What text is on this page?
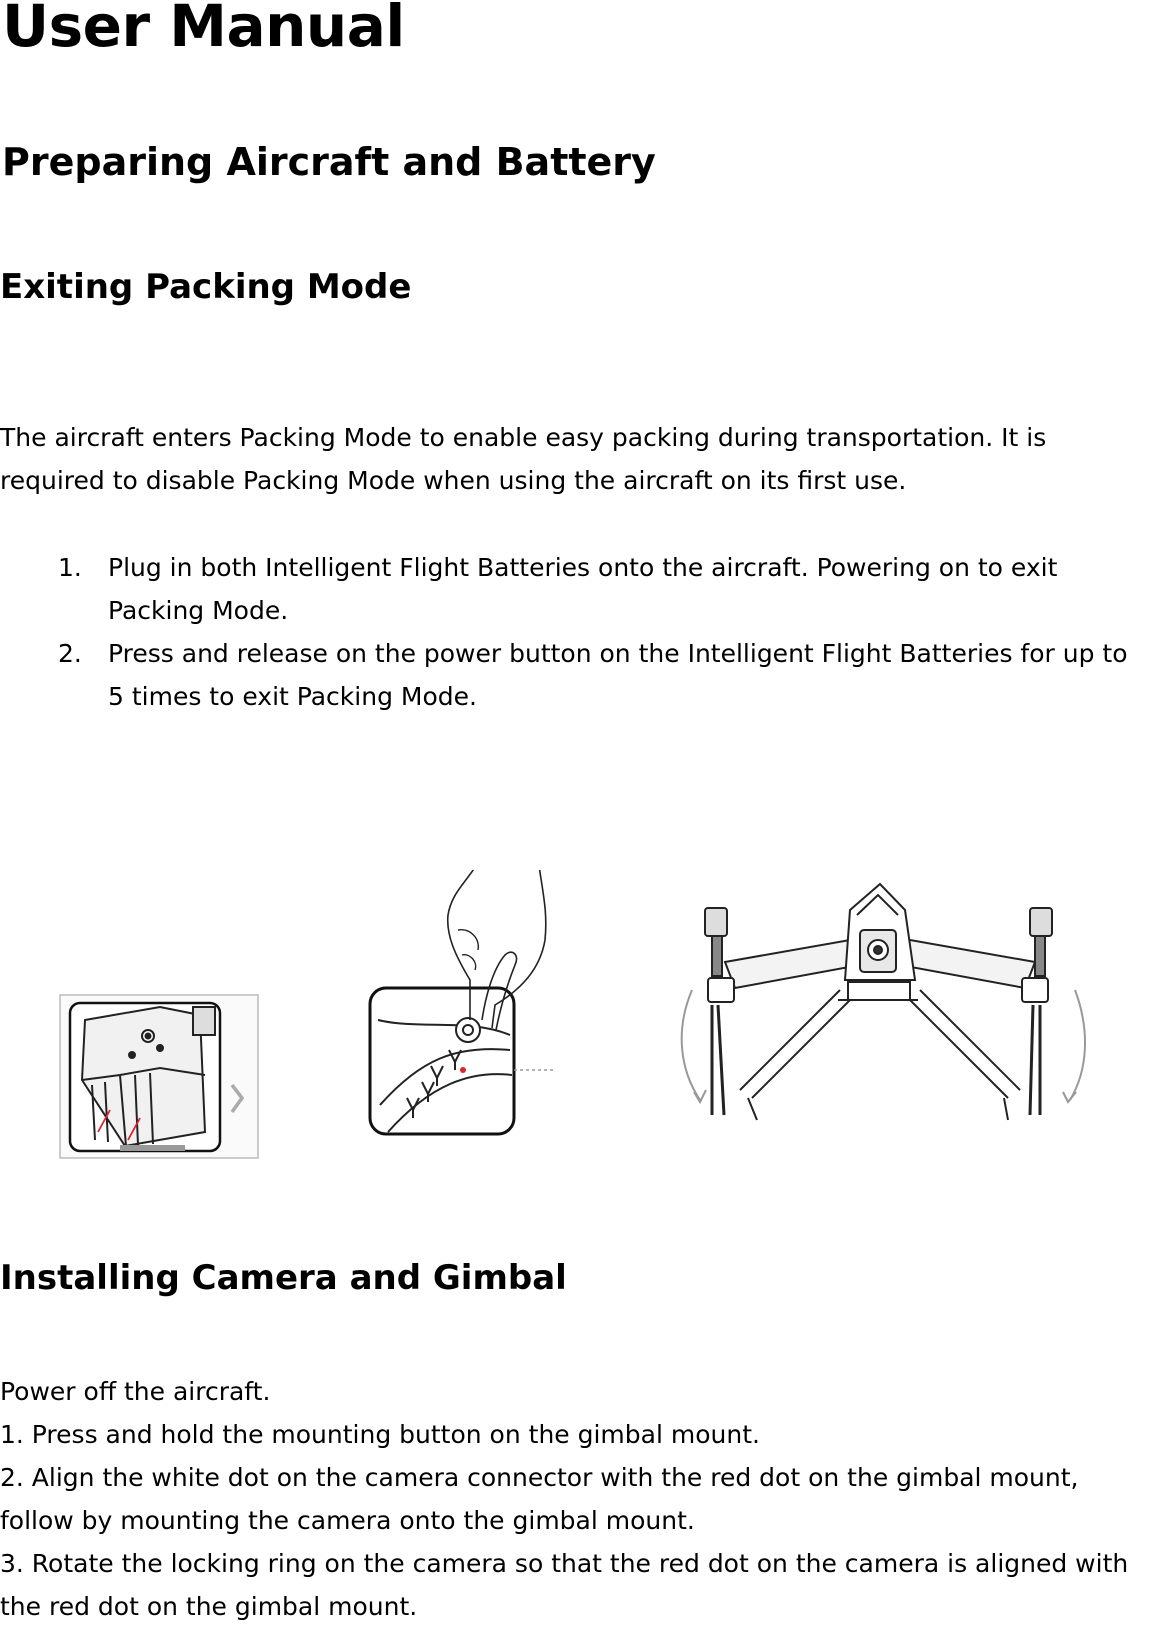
User Manual
Preparing Aircraft and Battery
Exiting Packing Mode
The aircraft enters Packing Mode to enable easy packing during transportation. It is
required to disable Packing Mode when using the aircraft on its first use.
1. Plug in both Intelligent Flight Batteries onto the aircraft. Powering on to exit
Packing Mode.
2. Press and release on the power button on the Intelligent Flight Batteries for up to
5 times to exit Packing Mode.
Installing Camera and Gimbal
Power off the aircraft.
1. Press and hold the mounting button on the gimbal mount.
2. Align the white dot on the camera connector with the red dot on the gimbal mount,
follow by mounting the camera onto the gimbal mount.
3. Rotate the locking ring on the camera so that the red dot on the camera is aligned with
the red dot on the gimbal mount.
